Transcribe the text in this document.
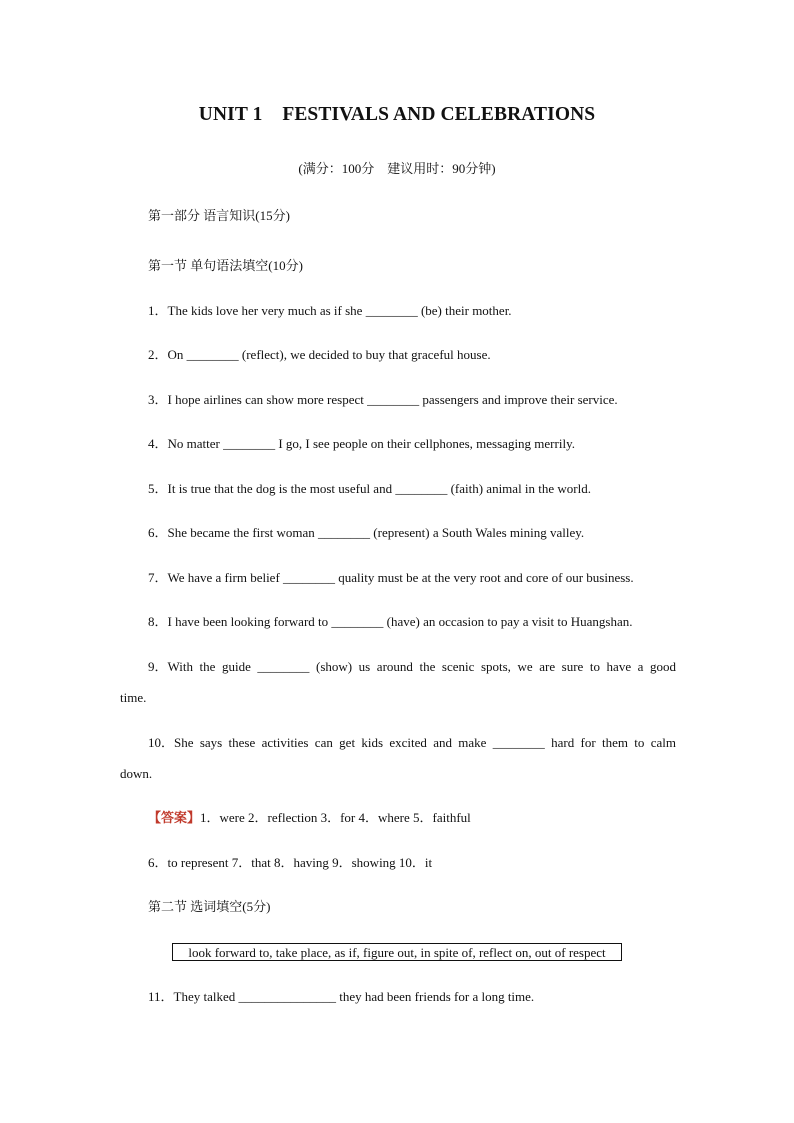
UNIT 1    FESTIVALS AND CELEBRATIONS
(满分：100分    建议用时：90分钟)
第一部分 语言知识(15分)
第一节 单句语法填空(10分)
1．The kids love her very much as if she ________ (be) their mother.
2．On ________ (reflect), we decided to buy that graceful house.
3．I hope airlines can show more respect ________ passengers and improve their service.
4．No matter ________ I go, I see people on their cellphones, messaging merrily.
5．It is true that the dog is the most useful and ________ (faith) animal in the world.
6．She became the first woman ________ (represent) a South Wales mining valley.
7．We have a firm belief ________ quality must be at the very root and core of our business.
8．I have been looking forward to ________ (have) an occasion to pay a visit to Huangshan.
9．With the guide ________ (show) us around the scenic spots, we are sure to have a good
time.
10．She says these activities can get kids excited and make ________ hard for them to calm
down.
【答案】1．were 2．reflection 3．for 4．where 5．faithful
6．to represent 7．that 8．having 9．showing 10．it
第二节 选词填空(5分)
look forward to, take place, as if, figure out, in spite of, reflect on, out of respect
11．They talked _______________ they had been friends for a long time.
